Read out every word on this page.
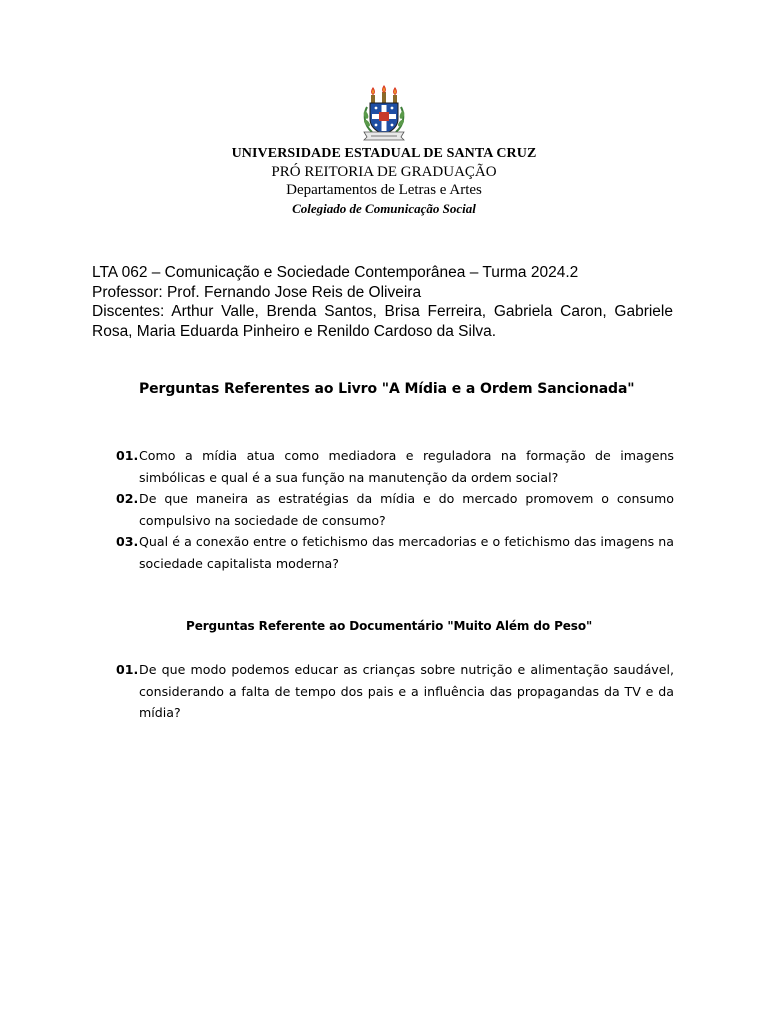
UNIVERSIDADE ESTADUAL DE SANTA CRUZ
PRÓ REITORIA DE GRADUAÇÃO
Departamentos de Letras e Artes
Colegiado de Comunicação Social
LTA 062 – Comunicação e Sociedade Contemporânea – Turma 2024.2
Professor: Prof. Fernando Jose Reis de Oliveira
Discentes: Arthur Valle, Brenda Santos, Brisa Ferreira, Gabriela Caron, Gabriele Rosa, Maria Eduarda Pinheiro e Renildo Cardoso da Silva.
Perguntas Referentes ao Livro "A Mídia e a Ordem Sancionada"
01. Como a mídia atua como mediadora e reguladora na formação de imagens simbólicas e qual é a sua função na manutenção da ordem social?
02. De que maneira as estratégias da mídia e do mercado promovem o consumo compulsivo na sociedade de consumo?
03. Qual é a conexão entre o fetichismo das mercadorias e o fetichismo das imagens na sociedade capitalista moderna?
Perguntas Referente ao Documentário "Muito Além do Peso"
01. De que modo podemos educar as crianças sobre nutrição e alimentação saudável, considerando a falta de tempo dos pais e a influência das propagandas da TV e da mídia?
